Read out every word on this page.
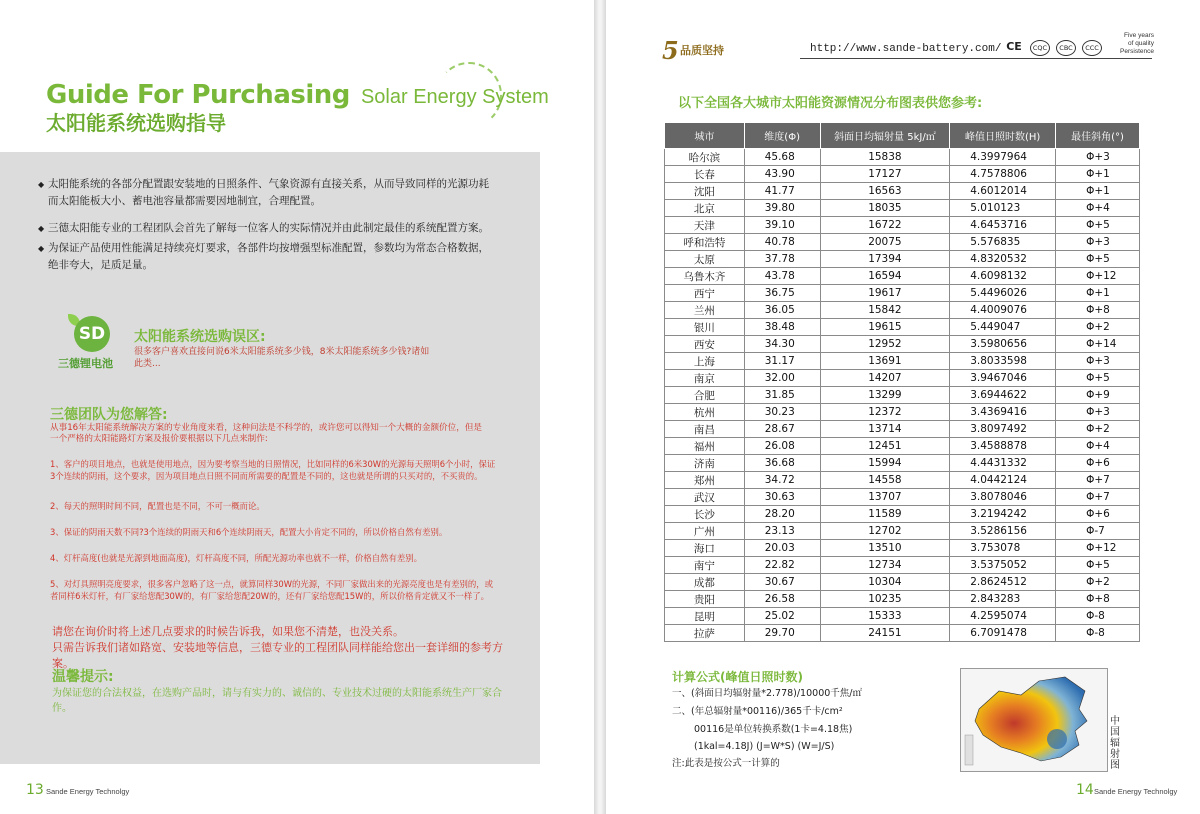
Guide For Purchasing Solar Energy System
太阳能系统选购指导
◆ 太阳能系统的各部分配置跟安装地的日照条件、气象资源有直接关系，从而导致同样的光源功耗而太阳能板大小、蓄电池容量都需要因地制宜，合理配置。
◆ 三德太阳能专业的工程团队会首先了解每一位客人的实际情况并由此制定最佳的系统配置方案。
◆ 为保证产品使用性能满足持续亮灯要求，各部件均按增强型标准配置，参数均为常态合格数据，绝非夸大，足质足量。
SD
三德锂电池
太阳能系统选购误区:
很多客户喜欢直接问说6米太阳能系统多少钱，8米太阳能系统多少钱?诸如此类...
三德团队为您解答:
从事16年太阳能系统解决方案的专业角度来看，这种问法是不科学的，或许您可以得知一个大概的金额价位，但是一个严格的太阳能路灯方案及报价要根据以下几点来制作:
1、客户的项目地点，也就是使用地点，因为要考察当地的日照情况，比如同样的6米30W的光源每天照明6个小时，保证3个连续的阴雨，这个要求，因为项目地点日照不同而所需要的配置是不同的，这也就是所谓的只买对的，不买贵的。
2、每天的照明时间不同，配置也是不同，不可一概而论。
3、保证的阴雨天数不同?3个连续的阴雨天和6个连续阴雨天，配置大小肯定不同的，所以价格自然有差别。
4、灯杆高度(也就是光源到地面高度)，灯杆高度不同，所配光源功率也就不一样，价格自然有差别。
5、对灯具照明亮度要求，很多客户忽略了这一点，就算同样30W的光源，不同厂家做出来的光源亮度也是有差别的，或者同样6米灯杆，有厂家给您配30W的，有厂家给您配20W的，还有厂家给您配15W的，所以价格肯定就又不一样了。
请您在询价时将上述几点要求的时候告诉我，如果您不清楚，也没关系。
只需告诉我们诸如路宽、安装地等信息，三德专业的工程团队同样能给您出一套详细的参考方案。
温馨提示:
为保证您的合法权益，在选购产品时，请与有实力的、诚信的、专业技术过硬的太阳能系统生产厂家合作。
13 Sande Energy Technolgy
5 品质坚持	http://www.sande-battery.com/ CE	CQC	CBC	CCC
Five years
of quality
Persistence
以下全国各大城市太阳能资源情况分布图表供您参考:
城市	维度(Φ)	斜面日均辐射量 5kJ/㎡	峰值日照时数(H)	最佳斜角(°)
哈尔滨	45.68	15838	4.3997964	Φ+3
长春	43.90	17127	4.7578806	Φ+1
沈阳	41.77	16563	4.6012014	Φ+1
北京	39.80	18035	5.010123	Φ+4
天津	39.10	16722	4.6453716	Φ+5
呼和浩特	40.78	20075	5.576835	Φ+3
太原	37.78	17394	4.8320532	Φ+5
乌鲁木齐	43.78	16594	4.6098132	Φ+12
西宁	36.75	19617	5.4496026	Φ+1
兰州	36.05	15842	4.4009076	Φ+8
银川	38.48	19615	5.449047	Φ+2
西安	34.30	12952	3.5980656	Φ+14
上海	31.17	13691	3.8033598	Φ+3
南京	32.00	14207	3.9467046	Φ+5
合肥	31.85	13299	3.6944622	Φ+9
杭州	30.23	12372	3.4369416	Φ+3
南昌	28.67	13714	3.8097492	Φ+2
福州	26.08	12451	3.4588878	Φ+4
济南	36.68	15994	4.4431332	Φ+6
郑州	34.72	14558	4.0442124	Φ+7
武汉	30.63	13707	3.8078046	Φ+7
长沙	28.20	11589	3.2194242	Φ+6
广州	23.13	12702	3.5286156	Φ-7
海口	20.03	13510	3.753078	Φ+12
南宁	22.82	12734	3.5375052	Φ+5
成都	30.67	10304	2.8624512	Φ+2
贵阳	26.58	10235	2.843283	Φ+8
昆明	25.02	15333	4.2595074	Φ-8
拉萨	29.70	24151	6.7091478	Φ-8
计算公式(峰值日照时数)
一、(斜面日均辐射量*2.778)/10000千焦/㎡
二、(年总辐射量*00116)/365千卡/cm²
00116是单位转换系数(1卡=4.18焦)
(1kal=4.18J) (J=W*S) (W=J/S)
注:此表是按公式一计算的
中国辐射图
14 Sande Energy Technolgy
